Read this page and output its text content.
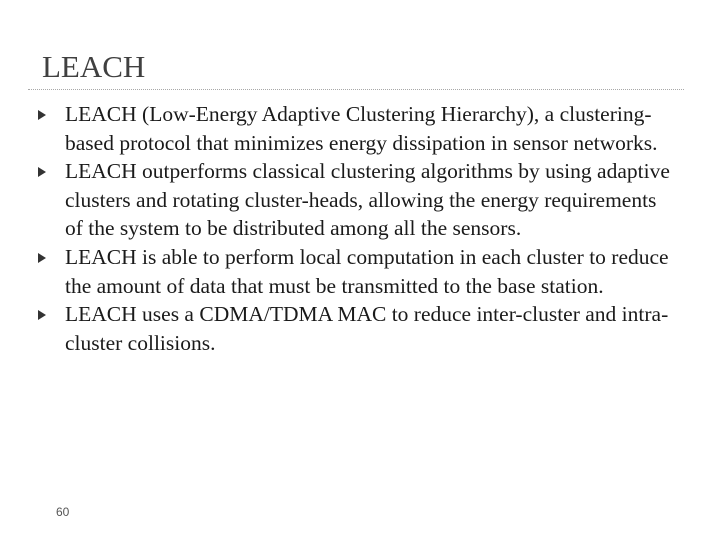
LEACH
LEACH (Low-Energy Adaptive Clustering Hierarchy), a clustering-based protocol that minimizes energy dissipation in sensor networks.
LEACH outperforms classical clustering algorithms by using adaptive clusters and rotating cluster-heads, allowing the energy requirements of the system to be distributed among all the sensors.
LEACH is able to perform local computation in each cluster to reduce the amount of data that must be transmitted to the base station.
LEACH uses a CDMA/TDMA MAC to reduce inter-cluster and intra-cluster collisions.
60
